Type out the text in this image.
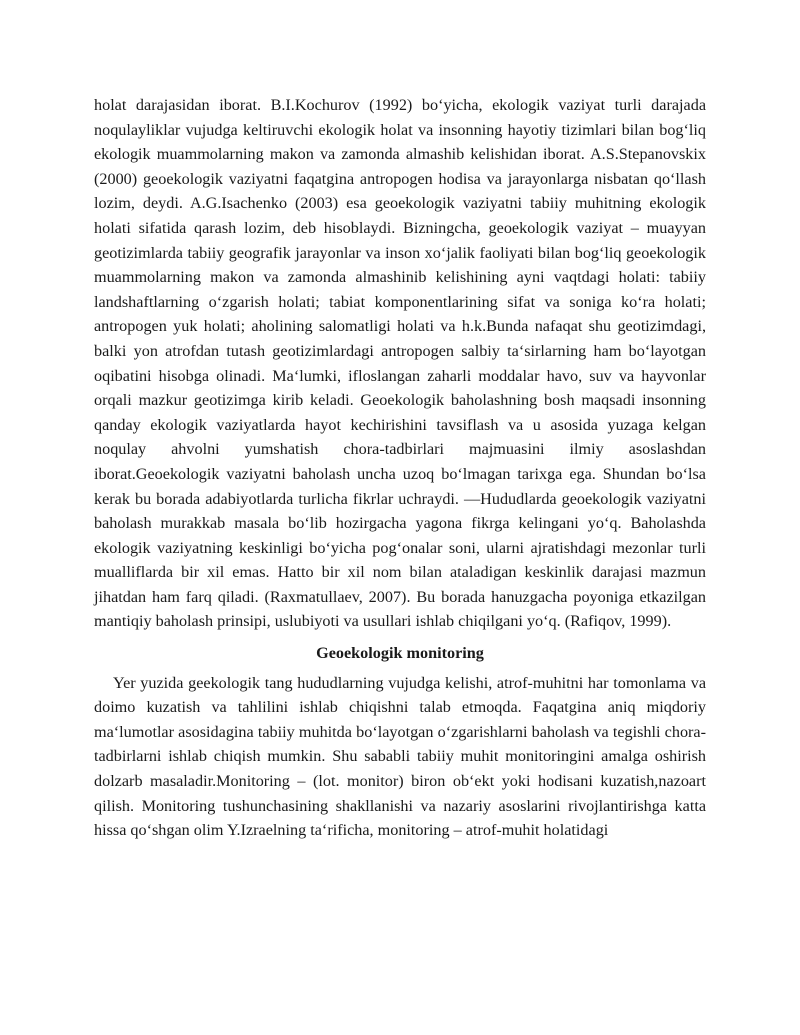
holat darajasidan iborat. B.I.Kochurov (1992) bo‘yicha, ekologik vaziyat turli darajada noqulayliklar vujudga keltiruvchi ekologik holat va insonning hayotiy tizimlari bilan bog‘liq ekologik muammolarning makon va zamonda almashib kelishidan iborat. A.S.Stepanovskix (2000) geoekologik vaziyatni faqatgina antropogen hodisa va jarayonlarga nisbatan qo‘llash lozim, deydi. A.G.Isachenko (2003) esa geoekologik vaziyatni tabiiy muhitning ekologik holati sifatida qarash lozim, deb hisoblaydi. Bizningcha, geoekologik vaziyat – muayyan geotizimlarda tabiiy geografik jarayonlar va inson xo‘jalik faoliyati bilan bog‘liq geoekologik muammolarning makon va zamonda almashinib kelishining ayni vaqtdagi holati: tabiiy landshaftlarning o‘zgarish holati; tabiat komponentlarining sifat va soniga ko‘ra holati; antropogen yuk holati; aholining salomatligi holati va h.k.Bunda nafaqat shu geotizimdagi, balki yon atrofdan tutash geotizimlardagi antropogen salbiy ta‘sirlarning ham bo‘layotgan oqibatini hisobga olinadi. Ma‘lumki, ifloslangan zaharli moddalar havo, suv va hayvonlar orqali mazkur geotizimga kirib keladi. Geoekologik baholashning bosh maqsadi insonning qanday ekologik vaziyatlarda hayot kechirishini tavsiflash va u asosida yuzaga kelgan noqulay ahvolni yumshatish chora-tadbirlari majmuasini ilmiy asoslashdan iborat.Geoekologik vaziyatni baholash uncha uzoq bo‘lmagan tarixga ega. Shundan bo‘lsa kerak bu borada adabiyotlarda turlicha fikrlar uchraydi. ―Hududlarda geoekologik vaziyatni baholash murakkab masala bo‘lib hozirgacha yagona fikrga kelingani yo‘q. Baholashda ekologik vaziyatning keskinligi bo‘yicha pog‘onalar soni, ularni ajratishdagi mezonlar turli mualliflarda bir xil emas. Hatto bir xil nom bilan ataladigan keskinlik darajasi mazmun jihatdan ham farq qiladi. (Raxmatullaev, 2007). Bu borada hanuzgacha poyoniga etkazilgan mantiqiy baholash prinsipi, uslubiyoti va usullari ishlab chiqilgani yo‘q. (Rafiqov, 1999).

Geoekologik monitoring

Yer yuzida geekologik tang hududlarning vujudga kelishi, atrof-muhitni har tomonlama va doimo kuzatish va tahlilini ishlab chiqishni talab etmoqda. Faqatgina aniq miqdoriy ma‘lumotlar asosidagina tabiiy muhitda bo‘layotgan o‘zgarishlarni baholash va tegishli chora-tadbirlarni ishlab chiqish mumkin. Shu sababli tabiiy muhit monitoringini amalga oshirish dolzarb masaladir.Monitoring – (lot. monitor) biron ob‘ekt yoki hodisani kuzatish,nazoart qilish. Monitoring tushunchasining shakllanishi va nazariy asoslarini rivojlantirishga katta hissa qo‘shgan olim Y.Izraelning ta‘rificha, monitoring – atrof-muhit holatidagi
